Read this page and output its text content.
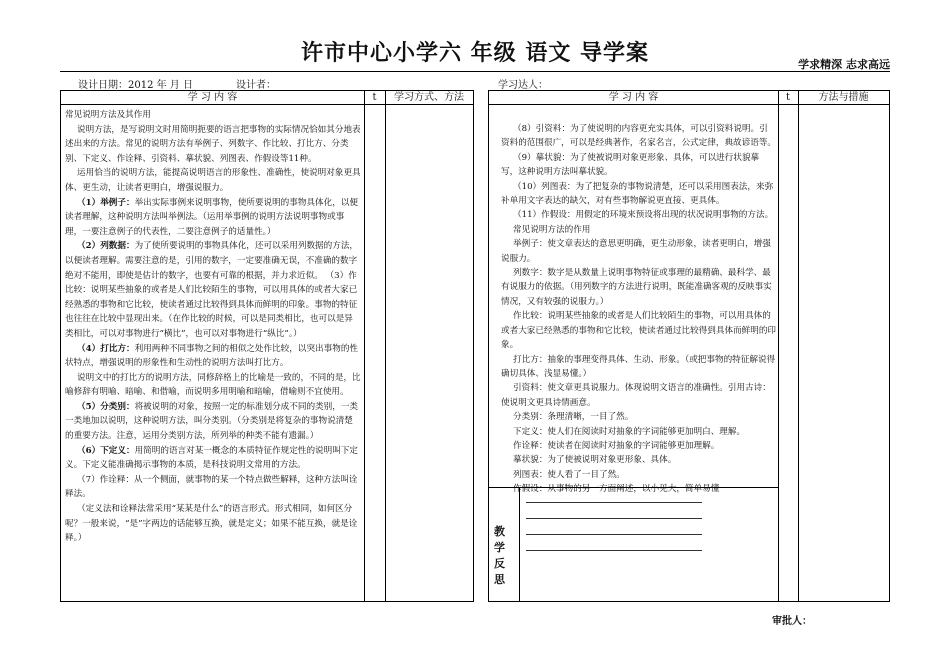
许市中心小学六 年级 语文 导学案	学求精深 志求高远
设计日期：2012 年 月 日	设计者：	学习达人：
学 习 内 容	t	学习方式、方法

常见说明方法及其作用

说明方法，是写说明文时用简明扼要的语言把事物的实际情况恰如其分地表述出来的方法。常见的说明方法有举例子、列数字、作比较、打比方、分类别、下定义、作诠释、引资料、摹状貌、列图表、作假设等11种。

运用恰当的说明方法，能提高说明语言的形象性、准确性，使说明对象更具体、更生动，让读者更明白，增强说服力。

（1）举例子：举出实际事例来说明事物，使所要说明的事物具体化，以便读者理解，这种说明方法叫举例法。（运用举事例的说明方法说明事物或事理，一要注意例子的代表性，二要注意例子的适量性。）

（2）列数据：为了使所要说明的事物具体化，还可以采用列数据的方法，以便读者理解。需要注意的是，引用的数字，一定要准确无误，不准确的数字绝对不能用，即使是估计的数字，也要有可靠的根据，并力求近似。 （3）作比较：说明某些抽象的或者是人们比较陌生的事物，可以用具体的或者大家已经熟悉的事物和它比较，使读者通过比较得到具体而鲜明的印象。事物的特征也往往在比较中显现出来。（在作比较的时候，可以是同类相比，也可以是异类相比，可以对事物进行“横比”，也可以对事物进行“纵比”。）

（4）打比方：利用两种不同事物之间的相似之处作比较，以突出事物的性状特点，增强说明的形象性和生动性的说明方法叫打比方。

说明文中的打比方的说明方法，同修辞格上的比喻是一致的，不同的是，比喻修辞有明喻、暗喻、和借喻，而说明多用明喻和暗喻，借喻则不宜使用。

（5）分类别：将被说明的对象，按照一定的标准划分成不同的类别，一类一类地加以说明，这种说明方法，叫分类别。（分类别是将复杂的事物说清楚的重要方法。注意，运用分类别方法，所列举的种类不能有遗漏。）

（6）下定义：用简明的语言对某一概念的本质特征作规定性的说明叫下定义。下定义能准确揭示事物的本质，是科技说明文常用的方法。

（7）作诠释：从一个侧面，就事物的某一个特点做些解释，这种方法叫诠释法。

（定义法和诠释法常采用“某某是什么”的语言形式。形式相同，如何区分呢？一般来说，“是”字两边的话能够互换，就是定义；如果不能互换，就是诠释。）

学 习 内 容	t	方法与措施

（8）引资料：为了使说明的内容更充实具体，可以引资料说明。引资料的范围很广，可以是经典著作，名家名言，公式定律，典故谚语等。

（9）摹状貌：为了使被说明对象更形象、具体，可以进行状貌摹写，这种说明方法叫摹状貌。

（10）列图表：为了把复杂的事物说清楚，还可以采用图表法，来弥补单用文字表达的缺欠，对有些事物解说更直接、更具体。

（11）作假设：用假定的环境来预设将出现的状况说明事物的方法。

常见说明方法的作用

举例子：使文章表达的意思更明确，更生动形象，读者更明白，增强说服力。

列数字：数字是从数量上说明事物特征或事理的最精确、最科学、最有说服力的依据。（用列数字的方法进行说明，既能准确客观的反映事实情况，又有较强的说服力。）

作比较：说明某些抽象的或者是人们比较陌生的事物，可以用具体的或者大家已经熟悉的事物和它比较，使读者通过比较得到具体而鲜明的印象。

打比方：抽象的事理变得具体、生动、形象。（或把事物的特征解说得确切具体、浅显易懂。）

引资料：使文章更具说服力。体现说明文语言的准确性。引用古诗：使说明文更具诗情画意。

分类别：条理清晰，一目了然。

下定义：使人们在阅读时对抽象的字词能够更加明白、理解。

作诠释：使读者在阅读时对抽象的字词能够更加理解。

摹状貌：为了使被说明对象更形象、具体。

列图表：使人看了一目了然。

作假设：从事物的另一方面阐述，以小见大，简单易懂

教学反思
审批人：
